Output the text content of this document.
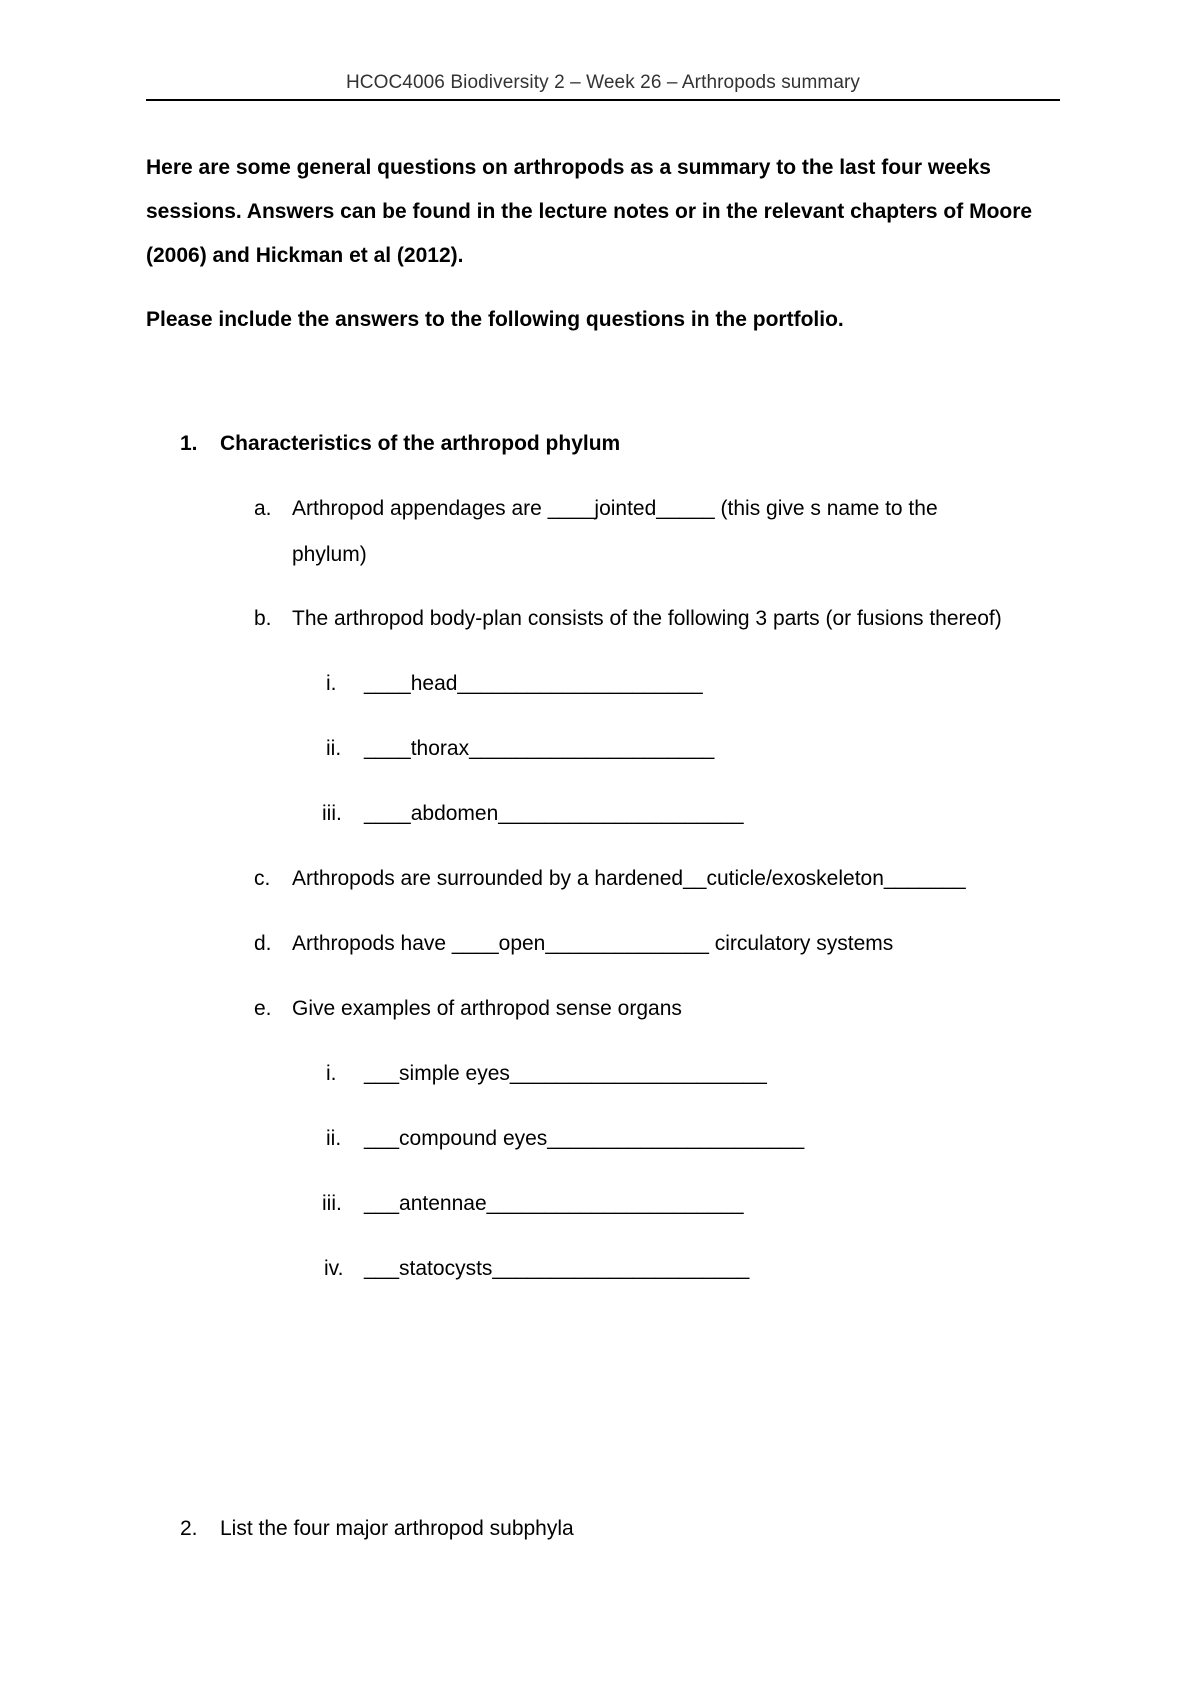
HCOC4006 Biodiversity 2 – Week 26 – Arthropods summary

Here are some general questions on arthropods as a summary to the last four weeks

sessions. Answers can be found in the lecture notes or in the relevant chapters of Moore

(2006) and Hickman et al (2012).

Please include the answers to the following questions in the portfolio.

1. Characteristics of the arthropod phylum
a. Arthropod appendages are ____jointed_____ (this give s name to the
phylum)
b. The arthropod body-plan consists of the following 3 parts (or fusions thereof)
i. ____head_____________________
ii. ____thorax_____________________
iii. ____abdomen_____________________
c. Arthropods are surrounded by a hardened__cuticle/exoskeleton_______
d. Arthropods have ____open______________ circulatory systems
e. Give examples of arthropod sense organs
i. ___simple eyes______________________
ii. ___compound eyes______________________
iii. ___antennae______________________
iv. ___statocysts______________________
2. List the four major arthropod subphyla
